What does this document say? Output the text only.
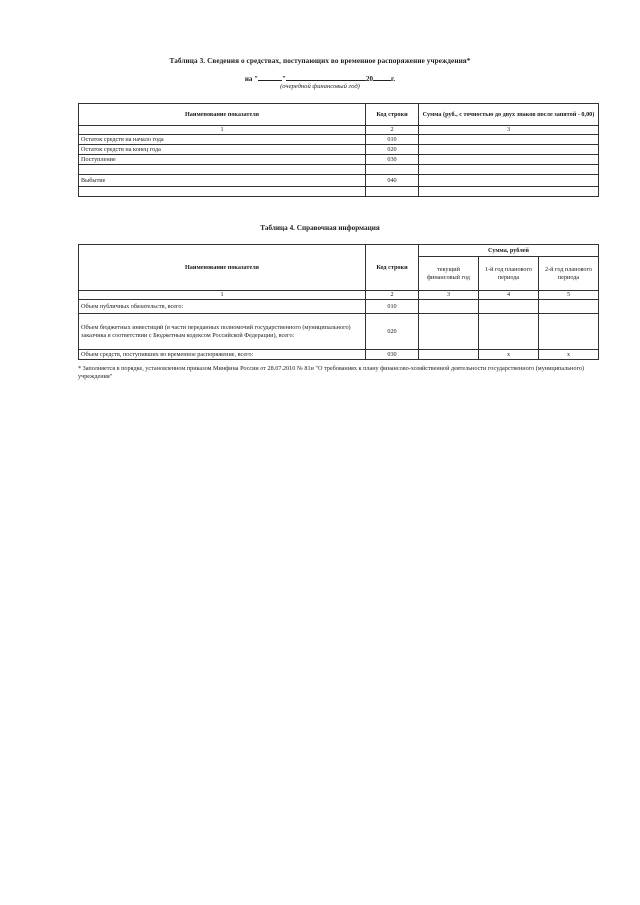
Таблица 3. Сведения о средствах, поступающих во временное распоряжение учреждения*
на "	"	20	г.
(очередной финансовый год)
Наименование показателя	Код строки	Сумма (руб., с точностью до двух знаков после запятой - 0,00)
1	2	3
Остаток средств на начало года	010	
Остаток средств на конец года	020	
Поступление	030	

Выбытие	040	

Таблица 4. Справочная информация
Наименование показателя	Код строки	Сумма, рублей		
		текущий финансовый год	1-й год планового периода	2-й год планового периода
1	2	3	4	5
Объем публичных обязательств, всего:	010			
Объем бюджетных инвестиций (в части переданных полномочий государственного (муниципального) заказчика в соответствии с Бюджетным кодексом Российской Федерации), всего:	020			
Объем средств, поступивших во временное распоряжение, всего:	030		х	х
* Заполняется в порядке, установленном приказом Минфина России от 28.07.2010 № 81н "О требованиях к плану финансово-хозяйственной деятельности государственного (муниципального) учреждения"
